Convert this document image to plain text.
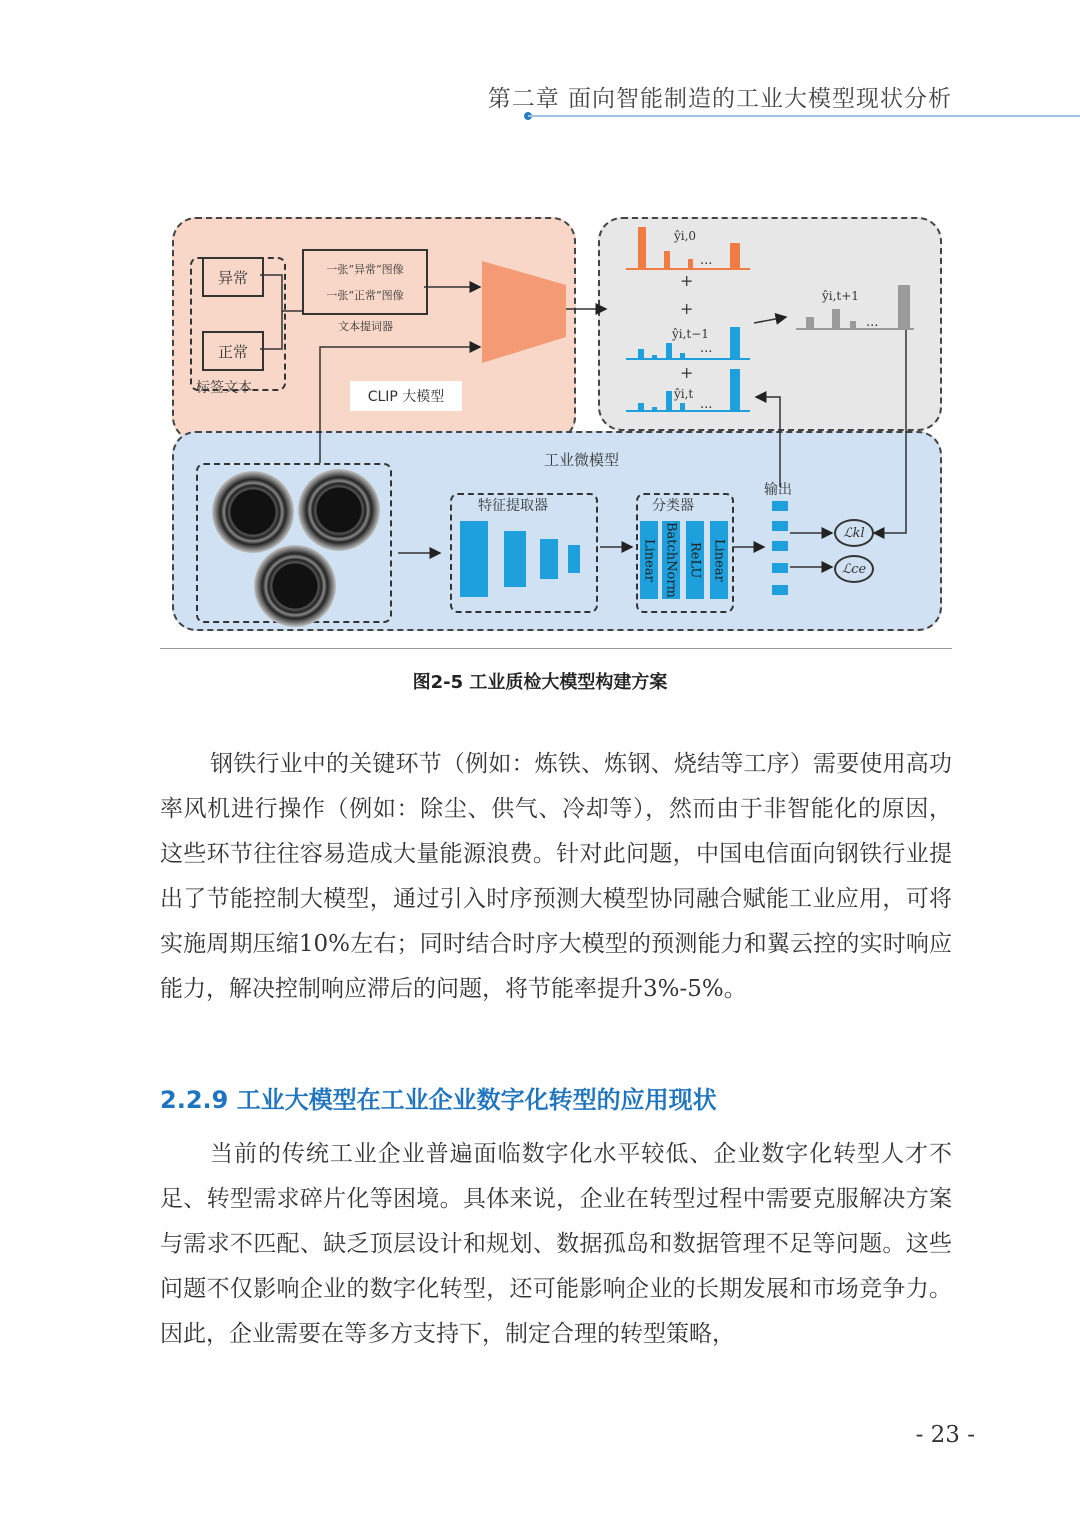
第二章 面向智能制造的工业大模型现状分析
异常
正常
标签文本
一张“异常”图像
一张“正常”图像
文本提词器
CLIP 大模型
ŷi,0
...
+
+
ŷi,t−1
...
+
ŷi,t
...
ŷi,t+1
...
工业微模型
特征提取器	分类器
Linear BatchNorm ReLU Linear
输出
ℒkl
ℒce
图2-5 工业质检大模型构建方案

钢铁行业中的关键环节（例如：炼铁、炼钢、烧结等工序）需要使用高功率风机进行操作（例如：除尘、供气、冷却等），然而由于非智能化的原因，这些环节往往容易造成大量能源浪费。针对此问题，中国电信面向钢铁行业提出了节能控制大模型，通过引入时序预测大模型协同融合赋能工业应用，可将实施周期压缩10%左右；同时结合时序大模型的预测能力和翼云控的实时响应能力，解决控制响应滞后的问题，将节能率提升3%-5%。

2.2.9 工业大模型在工业企业数字化转型的应用现状

当前的传统工业企业普遍面临数字化水平较低、企业数字化转型人才不足、转型需求碎片化等困境。具体来说，企业在转型过程中需要克服解决方案与需求不匹配、缺乏顶层设计和规划、数据孤岛和数据管理不足等问题。这些问题不仅影响企业的数字化转型，还可能影响企业的长期发展和市场竞争力。因此，企业需要在等多方支持下，制定合理的转型策略，

- 23 -
